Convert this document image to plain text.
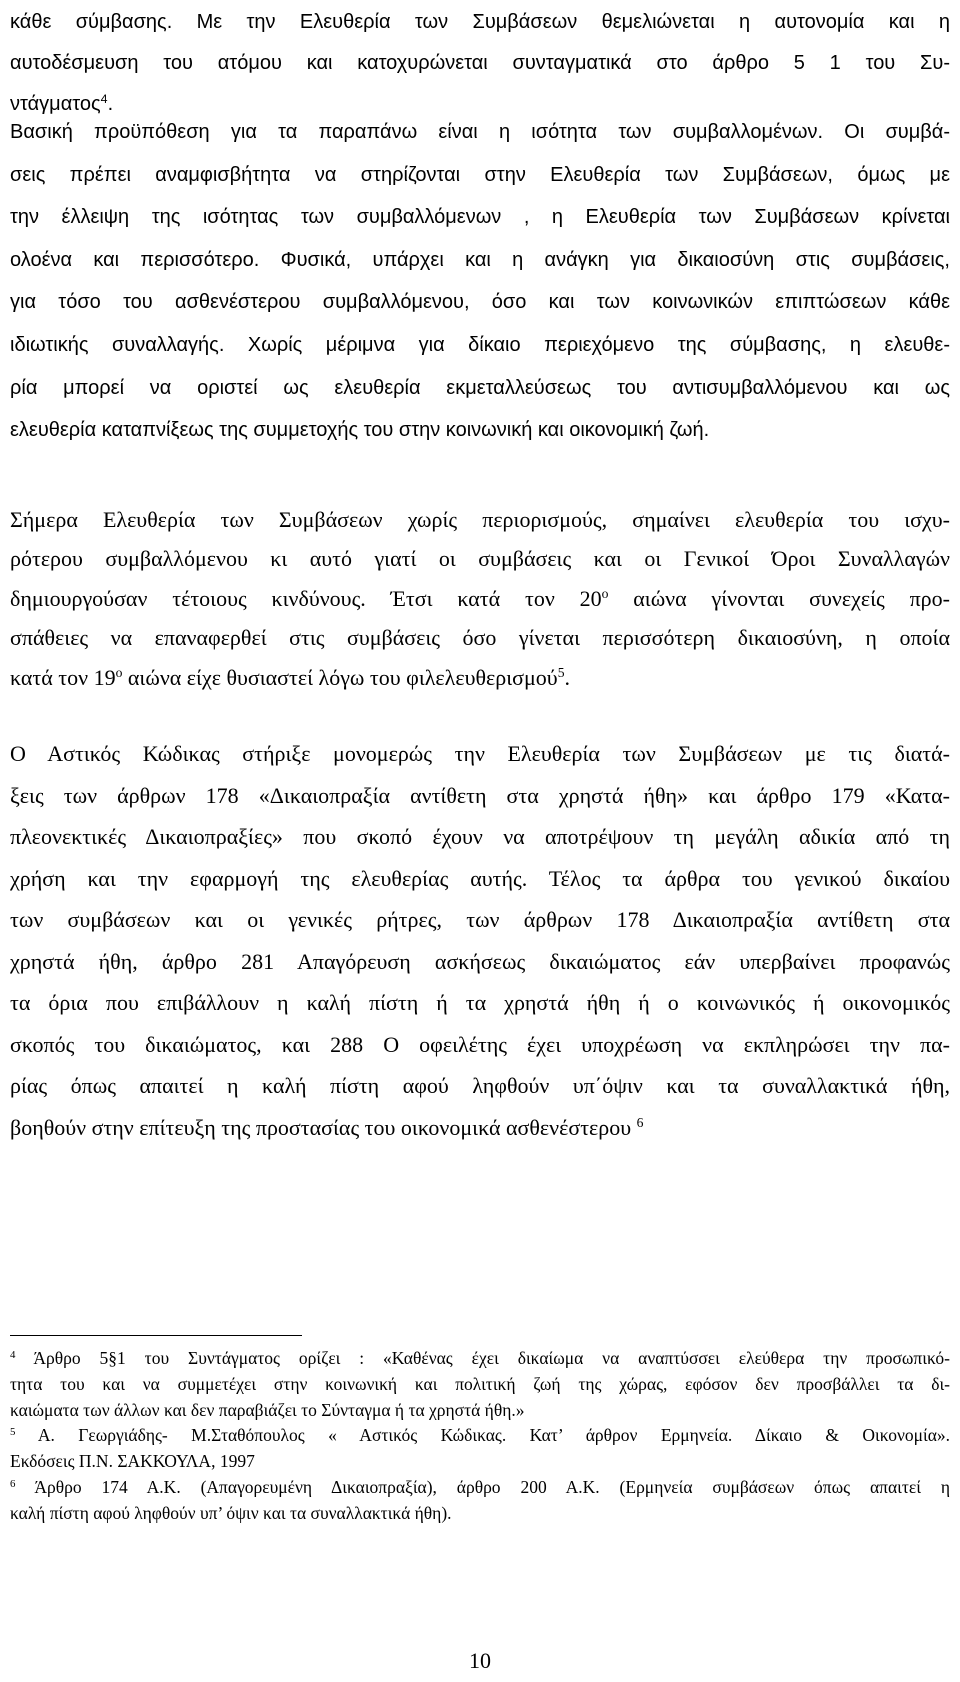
κάθε σύμβασης. Με την Ελευθερία των Συμβάσεων θεμελιώνεται η αυτονομία και η
αυτοδέσμευση του ατόμου και κατοχυρώνεται συνταγματικά στο άρθρο 5 1 του Συ-
ντάγματος$^4$.
Βασική προϋπόθεση για τα παραπάνω είναι η ισότητα των συμβαλλομένων. Οι συμβά-
σεις πρέπει αναμφισβήτητα να στηρίζονται στην Ελευθερία των Συμβάσεων, όμως με
την έλλειψη της ισότητας των συμβαλλόμενων , η Ελευθερία των Συμβάσεων κρίνεται
ολοένα και περισσότερο. Φυσικά, υπάρχει και η ανάγκη για δικαιοσύνη στις συμβάσεις,
για τόσο του ασθενέστερου συμβαλλόμενου, όσο και των κοινωνικών επιπτώσεων κάθε
ιδιωτικής συναλλαγής. Χωρίς μέριμνα για δίκαιο περιεχόμενο της σύμβασης, η ελευθε-
ρία μπορεί να οριστεί ως ελευθερία εκμεταλλεύσεως του αντισυμβαλλόμενου και ως
ελευθερία καταπνίξεως της συμμετοχής του στην κοινωνική και οικονομική ζωή.
Σήμερα Ελευθερία των Συμβάσεων χωρίς περιορισμούς, σημαίνει ελευθερία του ισχυ-
ρότερου συμβαλλόμενου κι αυτό γιατί οι συμβάσεις και οι Γενικοί Όροι Συναλλαγών
δημιουργούσαν τέτοιους κινδύνους. Έτσι κατά τον $20^o$ αιώνα γίνονται συνεχείς προ-
σπάθειες να επαναφερθεί στις συμβάσεις όσο γίνεται περισσότερη δικαιοσύνη, η οποία
κατά τον $19^o$ αιώνα είχε θυσιαστεί λόγω του φιλελευθερισμού$^5$.
Ο Αστικός Κώδικας στήριξε μονομερώς την Ελευθερία των Συμβάσεων με τις διατά-
ξεις των άρθρων 178 «Δικαιοπραξία αντίθετη στα χρηστά ήθη» και άρθρο 179 «Κατα-
πλεονεκτικές Δικαιοπραξίες» που σκοπό έχουν να αποτρέψουν τη μεγάλη αδικία από τη
χρήση και την εφαρμογή της ελευθερίας αυτής. Τέλος τα άρθρα του γενικού δικαίου
των συμβάσεων και οι γενικές ρήτρες, των άρθρων 178 Δικαιοπραξία αντίθετη στα
χρηστά ήθη, άρθρο 281 Απαγόρευση ασκήσεως δικαιώματος εάν υπερβαίνει προφανώς
τα όρια που επιβάλλουν η καλή πίστη ή τα χρηστά ήθη ή ο κοινωνικός ή οικονομικός
σκοπός του δικαιώματος, και 288 Ο οφειλέτης έχει υποχρέωση να εκπληρώσει την πα-
ρίας όπως απαιτεί η καλή πίστη αφού ληφθούν υπ΄όψιν και τα συναλλακτικά ήθη,
βοηθούν στην επίτευξη της προστασίας του οικονομικά ασθενέστερου $^6$
$^4$ Άρθρο 5§1 του Συντάγματος ορίζει : «Καθένας έχει δικαίωμα να αναπτύσσει ελεύθερα την προσωπικό-
τητα του και να συμμετέχει στην κοινωνική και πολιτική ζωή της χώρας, εφόσον δεν προσβάλλει τα δι-
καιώματα των άλλων και δεν παραβιάζει το Σύνταγμα ή τα χρηστά ήθη.»
$^5$ Α. Γεωργιάδης- Μ.Σταθόπουλος « Αστικός Κώδικας. Κατ’ άρθρον Ερμηνεία. Δίκαιο & Οικονομία».
Εκδόσεις Π.Ν. ΣΑΚΚΟΥΛΑ, 1997
$^6$ Άρθρο 174 Α.Κ. (Απαγορευμένη Δικαιοπραξία), άρθρο 200 Α.Κ. (Ερμηνεία συμβάσεων όπως απαιτεί η
καλή πίστη αφού ληφθούν υπ’ όψιν και τα συναλλακτικά ήθη).
10
